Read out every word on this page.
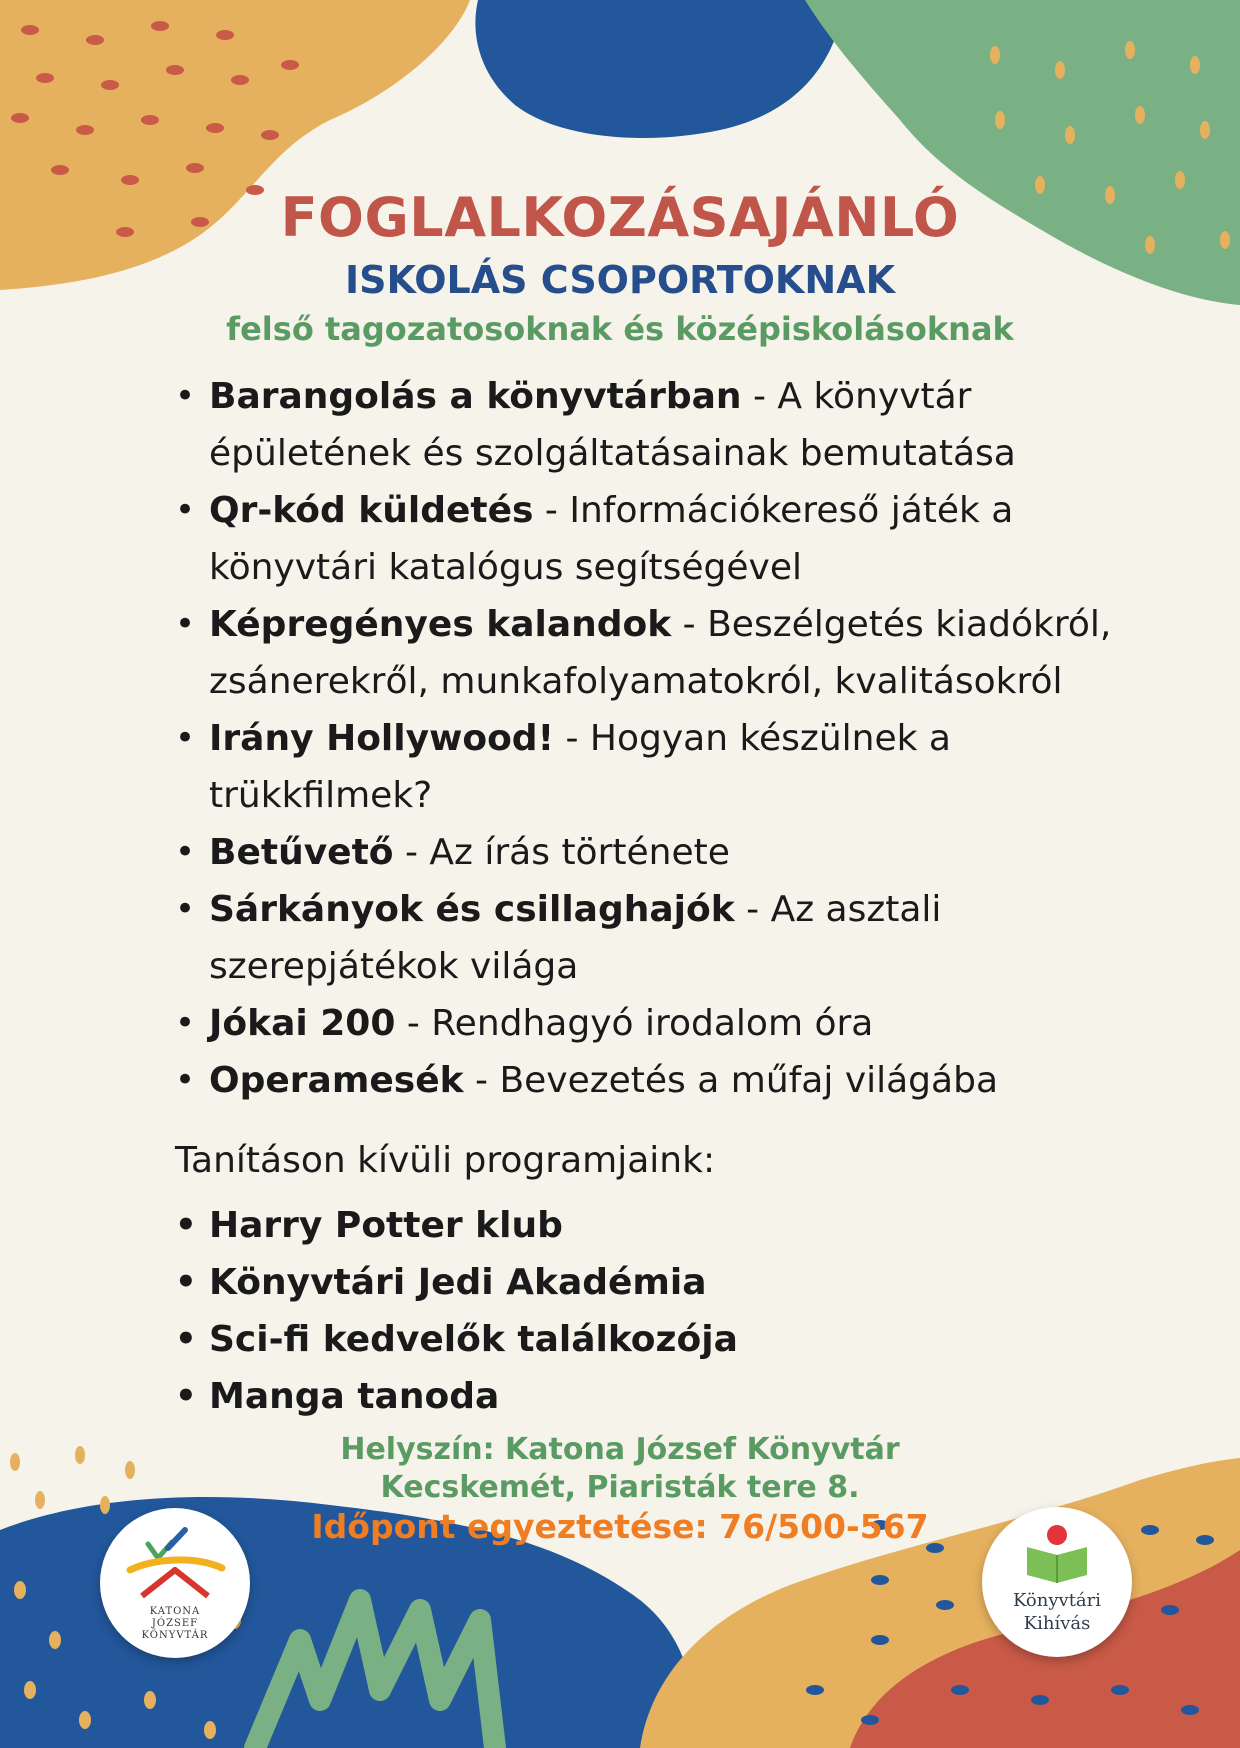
FOGLALKOZÁSAJÁNLÓ
ISKOLÁS CSOPORTOKNAK
felső tagozatosoknak és középiskolásoknak
• Barangolás a könyvtárban - A könyvtár épületének és szolgáltatásainak bemutatása
• Qr-kód küldetés - Információkereső játék a könyvtári katalógus segítségével
• Képregényes kalandok - Beszélgetés kiadókról, zsánerekről, munkafolyamatokról, kvalitásokról
• Irány Hollywood! - Hogyan készülnek a trükkfilmek?
• Betűvető - Az írás története
• Sárkányok és csillaghajók - Az asztali szerepjátékok világa
• Jókai 200 - Rendhagyó irodalom óra
• Operamesék - Bevezetés a műfaj világába
Tanításon kívüli programjaink:
• Harry Potter klub
• Könyvtári Jedi Akadémia
• Sci-fi kedvelők találkozója
• Manga tanoda
Helyszín: Katona József Könyvtár
Kecskemét, Piaristák tere 8.
Időpont egyeztetése: 76/500-567
KATONA
JÓZSEF
KÖNYVTÁR
Könyvtári
Kihívás
